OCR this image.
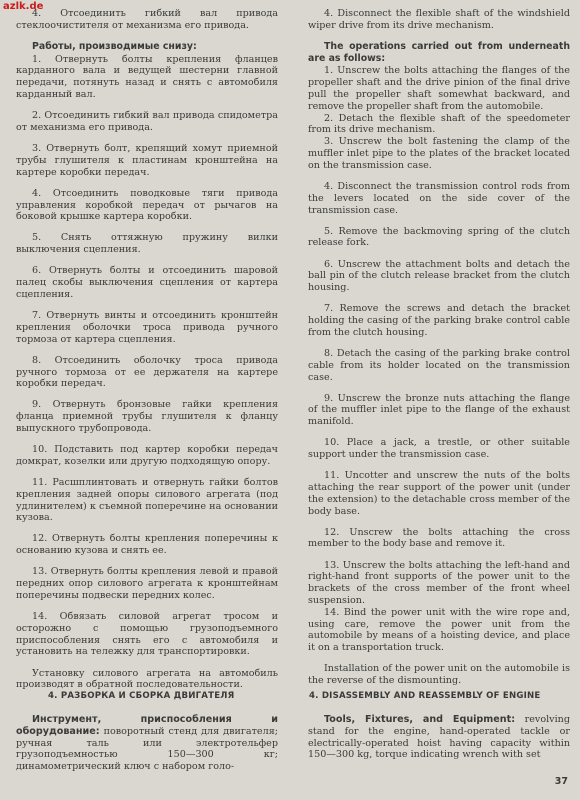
azlk.de

4. Отсоединить гибкий вал привода стеклоочистителя от механизма его привода.

Работы, производимые снизу:

1. Отвернуть болты крепления фланцев карданного вала и ведущей шестерни главной передачи, потянуть назад и снять с автомобиля карданный вал.

2. Отсоединить гибкий вал привода спидометра от механизма его привода.

3. Отвернуть болт, крепящий хомут приемной трубы глушителя к пластинам кронштейна на картере коробки передач.

4. Отсоединить поводковые тяги привода управления коробкой передач от рычагов на боковой крышке картера коробки.

5. Снять оттяжную пружину вилки выключения сцепления.

6. Отвернуть болты и отсоединить шаровой палец скобы выключения сцепления от картера сцепления.

7. Отвернуть винты и отсоединить кронштейн крепления оболочки троса привода ручного тормоза от картера сцепления.

8. Отсоединить оболочку троса привода ручного тормоза от ее держателя на картере коробки передач.

9. Отвернуть бронзовые гайки крепления фланца приемной трубы глушителя к фланцу выпускного трубопровода.

10. Подставить под картер коробки передач домкрат, козелки или другую подходящую опору.

11. Расшплинтовать и отвернуть гайки болтов крепления задней опоры силового агрегата (под удлинителем) к съемной поперечине на основании кузова.

12. Отвернуть болты крепления поперечины к основанию кузова и снять ее.

13. Отвернуть болты крепления левой и правой передних опор силового агрегата к кронштейнам поперечины подвески передних колес.

14. Обвязать силовой агрегат тросом и осторожно с помощью грузоподъемного приспособления снять его с автомобиля и установить на тележку для транспортировки.

Установку силового агрегата на автомобиль производят в обратной последовательности.

4. Disconnect the flexible shaft of the windshield wiper drive from its drive mechanism.

The operations carried out from underneath are as follows:

1. Unscrew the bolts attaching the flanges of the propeller shaft and the drive pinion of the final drive pull the propeller shaft somewhat backward, and remove the propeller shaft from the automobile.

2. Detach the flexible shaft of the speedometer from its drive mechanism.

3. Unscrew the bolt fastening the clamp of the muffler inlet pipe to the plates of the bracket located on the transmission case.

4. Disconnect the transmission control rods from the levers located on the side cover of the transmission case.

5. Remove the backmoving spring of the clutch release fork.

6. Unscrew the attachment bolts and detach the ball pin of the clutch release bracket from the clutch housing.

7. Remove the screws and detach the bracket holding the casing of the parking brake control cable from the clutch housing.

8. Detach the casing of the parking brake control cable from its holder located on the transmission case.

9. Unscrew the bronze nuts attaching the flange of the muffler inlet pipe to the flange of the exhaust manifold.

10. Place a jack, a trestle, or other suitable support under the transmission case.

11. Uncotter and unscrew the nuts of the bolts attaching the rear support of the power unit (under the extension) to the detachable cross member of the body base.

12. Unscrew the bolts attaching the cross member to the body base and remove it.

13. Unscrew the bolts attaching the left-hand and right-hand front supports of the power unit to the brackets of the cross member of the front wheel suspension.

14. Bind the power unit with the wire rope and, using care, remove the power unit from the automobile by means of a hoisting device, and place it on a transportation truck.

Installation of the power unit on the automobile is the reverse of the dismounting.

4. РАЗБОРКА И СБОРКА ДВИГАТЕЛЯ	4. DISASSEMBLY AND REASSEMBLY OF ENGINE

Инструмент, приспособления и оборудование: поворотный стенд для двигателя; ручная таль или электротельфер грузоподъемностью 150—300 кг; динамометрический ключ с набором голо-

Tools, Fixtures, and Equipment: revolving stand for the engine, hand-operated tackle or electrically-operated hoist having capacity within 150—300 kg, torque indicating wrench with set

37
